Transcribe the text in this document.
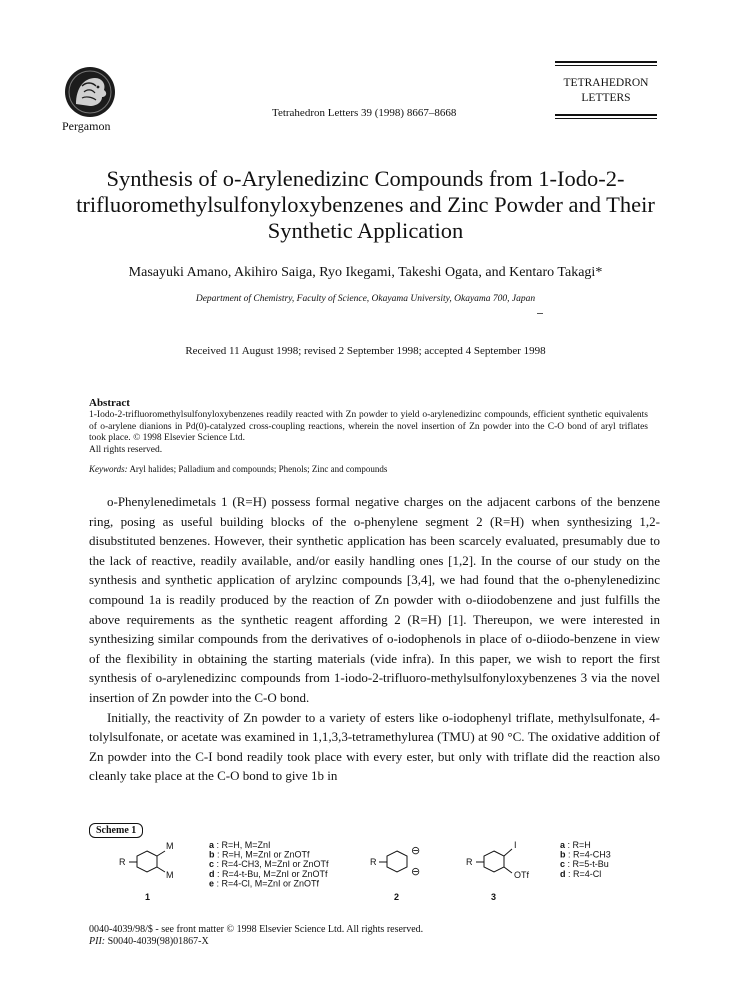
Pergamon
Tetrahedron Letters 39 (1998) 8667–8668
TETRAHEDRON
LETTERS
Synthesis of o-Arylenedizinc Compounds from 1-Iodo-2-trifluoromethylsulfonyloxybenzenes and Zinc Powder and Their Synthetic Application
Masayuki Amano, Akihiro Saiga, Ryo Ikegami, Takeshi Ogata, and Kentaro Takagi*
Department of Chemistry, Faculty of Science, Okayama University, Okayama 700, Japan
Received 11 August 1998; revised 2 September 1998; accepted 4 September 1998
Abstract
1-Iodo-2-trifluoromethylsulfonyloxybenzenes readily reacted with Zn powder to yield o-arylenedizinc compounds, efficient synthetic equivalents of o-arylene dianions in Pd(0)-catalyzed cross-coupling reactions, wherein the novel insertion of Zn powder into the C-O bond of aryl triflates took place. © 1998 Elsevier Science Ltd.
All rights reserved.
Keywords: Aryl halides; Palladium and compounds; Phenols; Zinc and compounds

o-Phenylenedimetals 1 (R=H) possess formal negative charges on the adjacent carbons of the benzene ring, posing as useful building blocks of the o-phenylene segment 2 (R=H) when synthesizing 1,2-disubstituted benzenes. However, their synthetic application has been scarcely evaluated, presumably due to the lack of reactive, readily available, and/or easily handling ones [1,2]. In the course of our study on the synthesis and synthetic application of arylzinc compounds [3,4], we had found that the o-phenylenedizinc compound 1a is readily produced by the reaction of Zn powder with o-diiodobenzene and just fulfills the above requirements as the synthetic reagent affording 2 (R=H) [1]. Thereupon, we were interested in synthesizing similar compounds from the derivatives of o-iodophenols in place of o-diiodo-benzene in view of the flexibility in obtaining the starting materials (vide infra). In this paper, we wish to report the first synthesis of o-arylenedizinc compounds from 1-iodo-2-trifluoro-methylsulfonyloxybenzenes 3 via the novel insertion of Zn powder into the C-O bond.

Initially, the reactivity of Zn powder to a variety of esters like o-iodophenyl triflate, methylsulfonate, 4-tolylsulfonate, or acetate was examined in 1,1,3,3-tetramethylurea (TMU) at 90 °C. The oxidative addition of Zn powder into the C-I bond readily took place with every ester, but only with triflate did the reaction also cleanly take place at the C-O bond to give 1b in

Scheme 1
R
M
M
1
a : R=H, M=ZnI
b : R=H, M=ZnI or ZnOTf
c : R=4-CH3, M=ZnI or ZnOTf
d : R=4-t-Bu, M=ZnI or ZnOTf
e : R=4-Cl, M=ZnI or ZnOTf
R
⊖
⊖
2
R
I
OTf
3
a : R=H
b : R=4-CH3
c : R=5-t-Bu
d : R=4-Cl
0040-4039/98/$ - see front matter © 1998 Elsevier Science Ltd. All rights reserved.
PII: S0040-4039(98)01867-X
